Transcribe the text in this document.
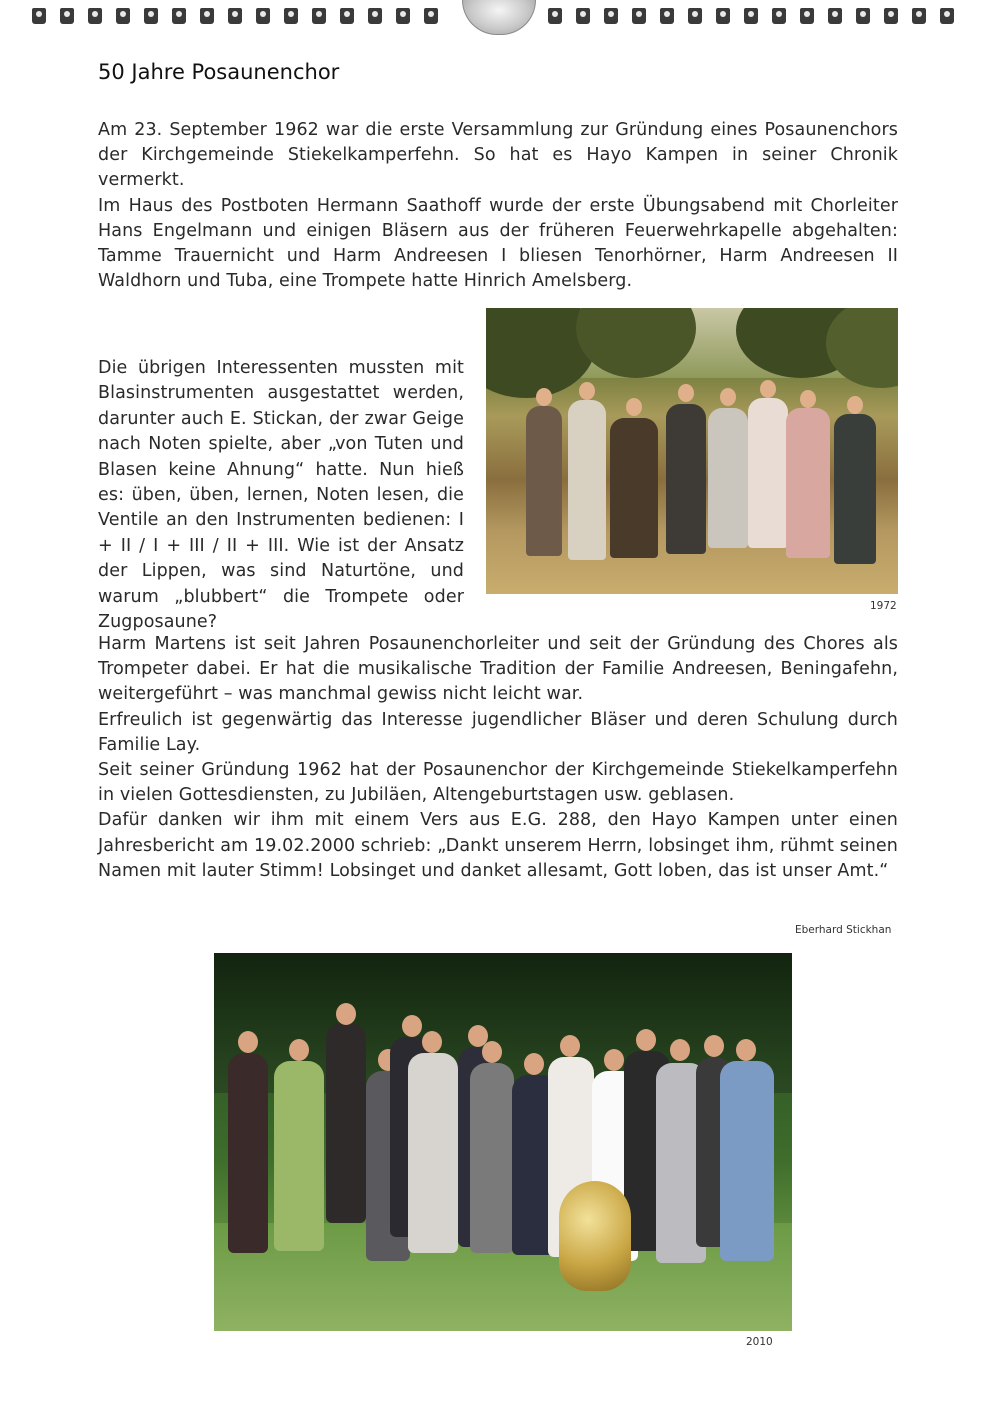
50 Jahre Posaunenchor

Am 23. September 1962 war die erste Versammlung zur Gründung eines Posaunenchors der Kirchgemeinde Stiekelkamperfehn. So hat es Hayo Kampen in seiner Chronik vermerkt.

Im Haus des Postboten Hermann Saathoff wurde der erste Übungsabend mit Chorleiter Hans Engelmann und einigen Bläsern aus der früheren Feuerwehrkapelle abgehalten: Tamme Trauernicht und Harm Andreesen I bliesen Tenorhörner, Harm Andreesen II Waldhorn und Tuba, eine Trompete hatte Hinrich Amelsberg.

Die übrigen Interessenten mussten mit Blasinstrumenten ausgestattet werden, darunter auch E. Stickan, der zwar Geige nach Noten spielte, aber „von Tuten und Blasen keine Ahnung“ hatte. Nun hieß es: üben, üben, lernen, Noten lesen, die Ventile an den Instrumenten bedienen: I + II / I + III / II + III. Wie ist der Ansatz der Lippen, was sind Naturtöne, und warum „blubbert“ die Trompete oder Zugposaune?

1972

Harm Martens ist seit Jahren Posaunenchorleiter und seit der Gründung des Chores als Trompeter dabei. Er hat die musikalische Tradition der Familie Andreesen, Beningafehn, weitergeführt – was manchmal gewiss nicht leicht war.

Erfreulich ist gegenwärtig das Interesse jugendlicher Bläser und deren Schulung durch Familie Lay.

Seit seiner Gründung 1962 hat der Posaunenchor der Kirchgemeinde Stiekelkamperfehn in vielen Gottesdiensten, zu Jubiläen, Altengeburtstagen usw. geblasen.

Dafür danken wir ihm mit einem Vers aus E.G. 288, den Hayo Kampen unter einen Jahresbericht am 19.02.2000 schrieb: „Dankt unserem Herrn, lobsinget ihm, rühmt seinen Namen mit lauter Stimm! Lobsinget und danket allesamt, Gott loben, das ist unser Amt.“

Eberhard Stickhan
2010
